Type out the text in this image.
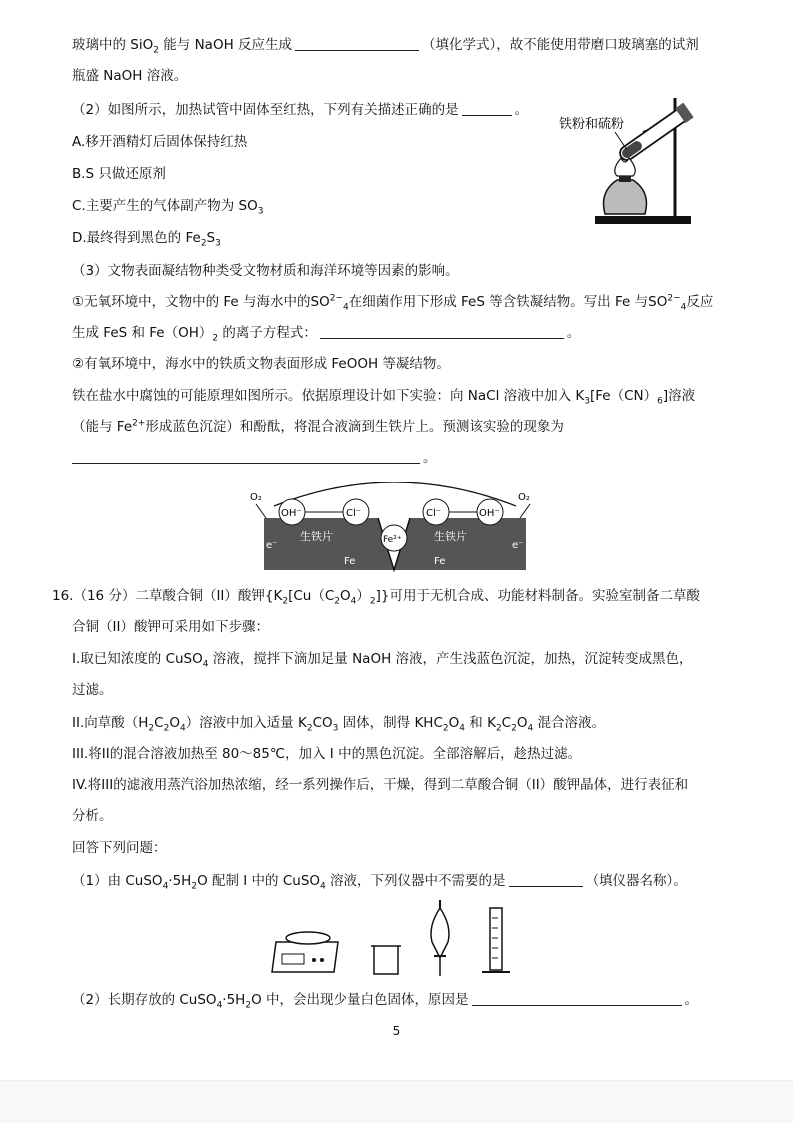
玻璃中的 SiO$_2$ 能与 NaOH 反应生成	（填化学式），故不能使用带磨口玻璃塞的试剂
瓶盛 NaOH 溶液。
（2）如图所示，加热试管中固体至红热，下列有关描述正确的是	。
A.移开酒精灯后固体保持红热
B.S 只做还原剂
C.主要产生的气体副产物为 $SO_3$
D.最终得到黑色的 $Fe_2S_3$
铁粉和硫粉
（3）文物表面凝结物种类受文物材质和海洋环境等因素的影响。
①无氧环境中，文物中的 Fe 与海水中的$SO^{2-}_4$在细菌作用下形成 FeS 等含铁凝结物。写出 Fe 与$SO^{2-}_4$反应
生成 FeS 和 $Fe(OH)_2$ 的离子方程式：	。
②有氧环境中，海水中的铁质文物表面形成 FeOOH 等凝结物。
铁在盐水中腐蚀的可能原理如图所示。依据原理设计如下实验：向 NaCl 溶液中加入 $K_3[Fe(CN)_6]$溶液
（能与 $Fe^{2+}$形成蓝色沉淀）和酚酞，将混合液滴到生铁片上。预测该实验的现象为
。
O₂	O₂
OH⁻	Cl⁻	Cl⁻	OH⁻
Fe²⁺
生铁片	生铁片
Fe	Fe
e⁻	e⁻
16.（16 分）二草酸合铜（II）酸钾$\{K_2[Cu(C_2O_4)_2]\}$可用于无机合成、功能材料制备。实验室制备二草酸
合铜（II）酸钾可采用如下步骤：
I.取已知浓度的 CuSO$_4$ 溶液，搅拌下滴加足量 NaOH 溶液，产生浅蓝色沉淀，加热，沉淀转变成黑色，
过滤。
II.向草酸$(H_2C_2O_4)$溶液中加入适量 $K_2CO_3$ 固体，制得 $KHC_2O_4$ 和 $K_2C_2O_4$ 混合溶液。
III.将II的混合溶液加热至 80～85℃，加入 I 中的黑色沉淀。全部溶解后，趁热过滤。
IV.将III的滤液用蒸汽浴加热浓缩，经一系列操作后，干燥，得到二草酸合铜（II）酸钾晶体，进行表征和
分析。
回答下列问题：
（1）由 $CuSO_4\cdot 5H_2O$ 配制 I 中的 CuSO$_4$ 溶液，下列仪器中不需要的是	（填仪器名称）。
（2）长期存放的 $CuSO_4\cdot 5H_2O$ 中，会出现少量白色固体，原因是	。
5
